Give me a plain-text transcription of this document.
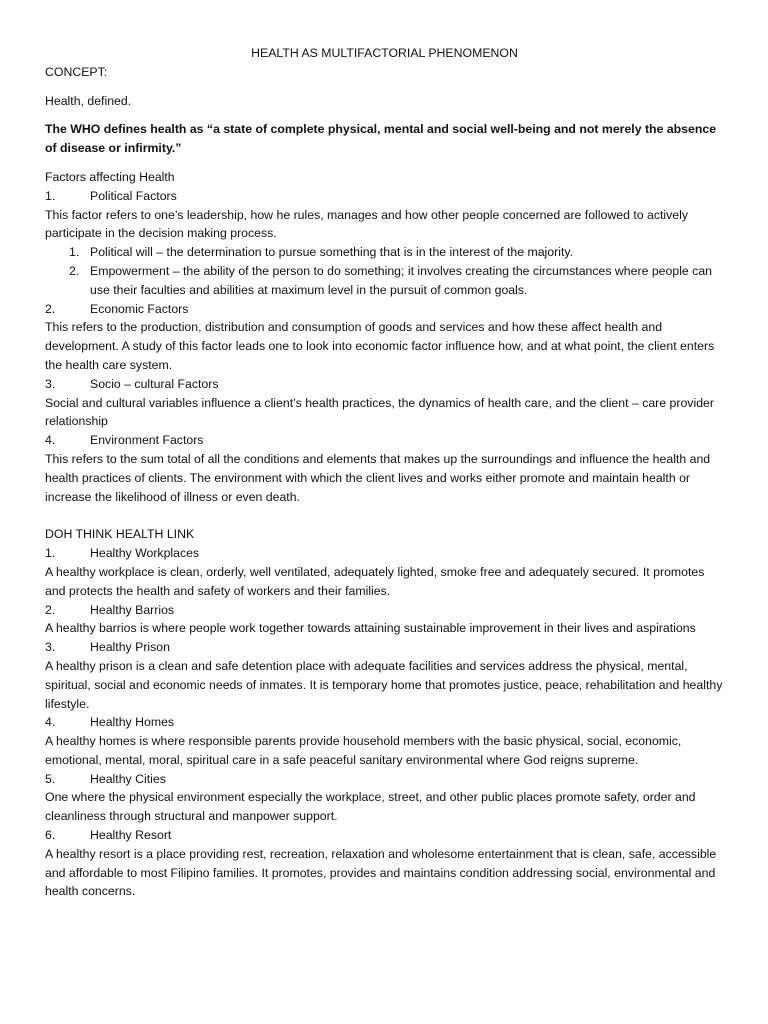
HEALTH AS MULTIFACTORIAL PHENOMENON
CONCEPT:
Health, defined.
The WHO defines health as “a state of complete physical, mental and social well-being and not merely the absence of disease or infirmity.”
Factors affecting Health
1.	Political Factors
This factor refers to one’s leadership, how he rules, manages and how other people concerned are followed to actively participate in the decision making process.
1. Political will – the determination to pursue something that is in the interest of the majority.
2. Empowerment – the ability of the person to do something; it involves creating the circumstances where people can use their faculties and abilities at maximum level in the pursuit of common goals.
2.	Economic Factors
This refers to the production, distribution and consumption of goods and services and how these affect health and development. A study of this factor leads one to look into economic factor influence how, and at what point, the client enters the health care system.
3.	Socio – cultural Factors
Social and cultural variables influence a client’s health practices, the dynamics of health care, and the client – care provider relationship
4.	Environment Factors
This refers to the sum total of all the conditions and elements that makes up the surroundings and influence the health and health practices of clients. The environment with which the client lives and works either promote and maintain health or increase the likelihood of illness or even death.
DOH THINK HEALTH LINK
1.	Healthy Workplaces
A healthy workplace is clean, orderly, well ventilated, adequately lighted, smoke free and adequately secured. It promotes and protects the health and safety of workers and their families.
2.	Healthy Barrios
A healthy barrios is where people work together towards attaining sustainable improvement in their lives and aspirations
3.	Healthy Prison
A healthy prison is a clean and safe detention place with adequate facilities and services address the physical, mental, spiritual, social and economic needs of inmates. It is temporary home that promotes justice, peace, rehabilitation and healthy lifestyle.
4.	Healthy Homes
A healthy homes is where responsible parents provide household members with the basic physical, social, economic, emotional, mental, moral, spiritual care in a safe peaceful sanitary environmental where God reigns supreme.
5.	Healthy Cities
One where the physical environment especially the workplace, street, and other public places promote safety, order and cleanliness through structural and manpower support.
6.	Healthy Resort
A healthy resort is a place providing rest, recreation, relaxation and wholesome entertainment that is clean, safe, accessible and affordable to most Filipino families. It promotes, provides and maintains condition addressing social, environmental and health concerns.
